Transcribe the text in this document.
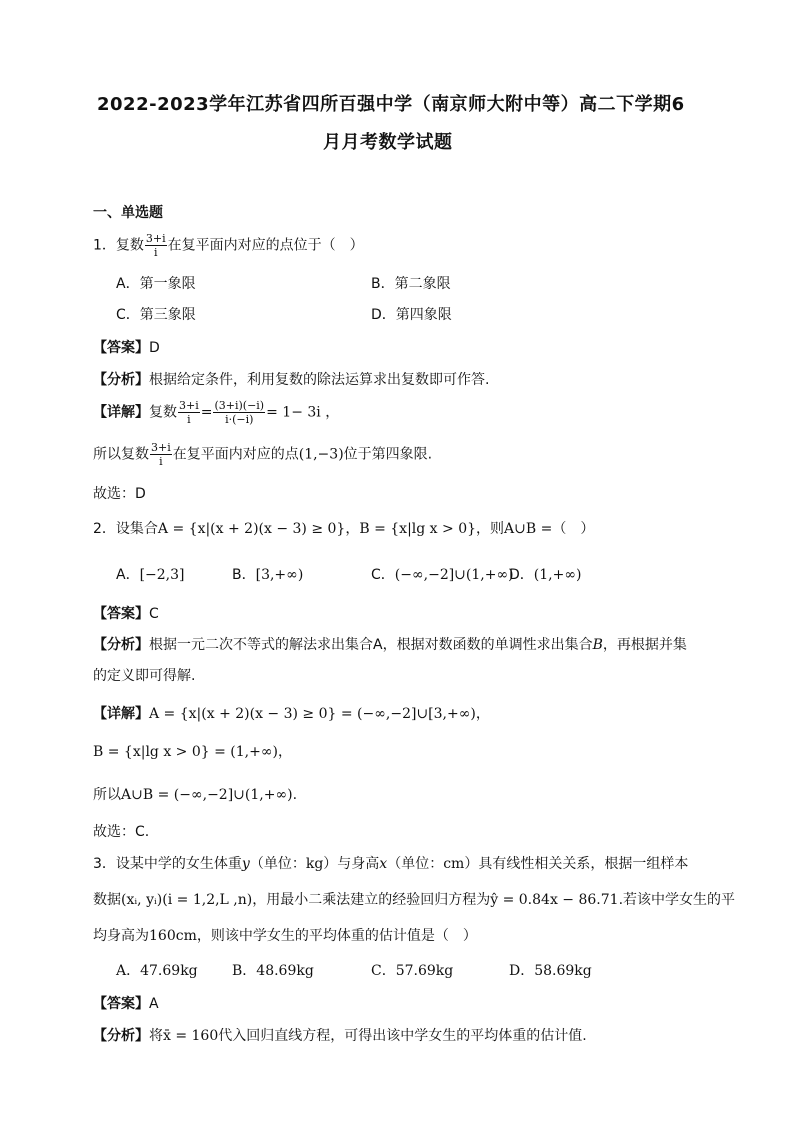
2022-2023学年江苏省四所百强中学（南京师大附中等）高二下学期6
月月考数学试题
一、单选题
1．复数 $\frac{3+i}{i}$ 在复平面内对应的点位于（　）
A．第一象限	B．第二象限
C．第三象限	D．第四象限
【答案】D
【分析】根据给定条件，利用复数的除法运算求出复数即可作答.
【详解】复数 $\frac{3+i}{i} = \frac{(3+i)(-i)}{i\cdot(-i)} = 1- 3i$ ，
所以复数 $\frac{3+i}{i}$ 在复平面内对应的点(1,−3)位于第四象限.
故选：D
2．设集合A = {x|(x + 2)(x − 3) ≥ 0}，B = {x|lg x > 0}，则A∪B =（　）
A．[−2,3]	B．[3,+∞)	C．(−∞,−2]∪(1,+∞)
D．(1,+∞)
【答案】C
【分析】根据一元二次不等式的解法求出集合A，根据对数函数的单调性求出集合B，再根据并集
的定义即可得解.
【详解】A = {x|(x + 2)(x − 3) ≥ 0} = (−∞,−2]∪[3,+∞)，
B = {x|lg x > 0} = (1,+∞)，
所以A∪B = (−∞,−2]∪(1,+∞).
故选：C.
3．设某中学的女生体重y（单位：kg）与身高x（单位：cm）具有线性相关关系，根据一组样本
数据(xᵢ, yᵢ)(i = 1,2,L ,n)，用最小二乘法建立的经验回归方程为ŷ = 0.84x − 86.71.若该中学女生的平
均身高为160cm，则该中学女生的平均体重的估计值是（　）
A．47.69kg B．48.69kg	C．57.69kg	D．58.69kg
【答案】A
【分析】将x̄ = 160代入回归直线方程，可得出该中学女生的平均体重的估计值.
